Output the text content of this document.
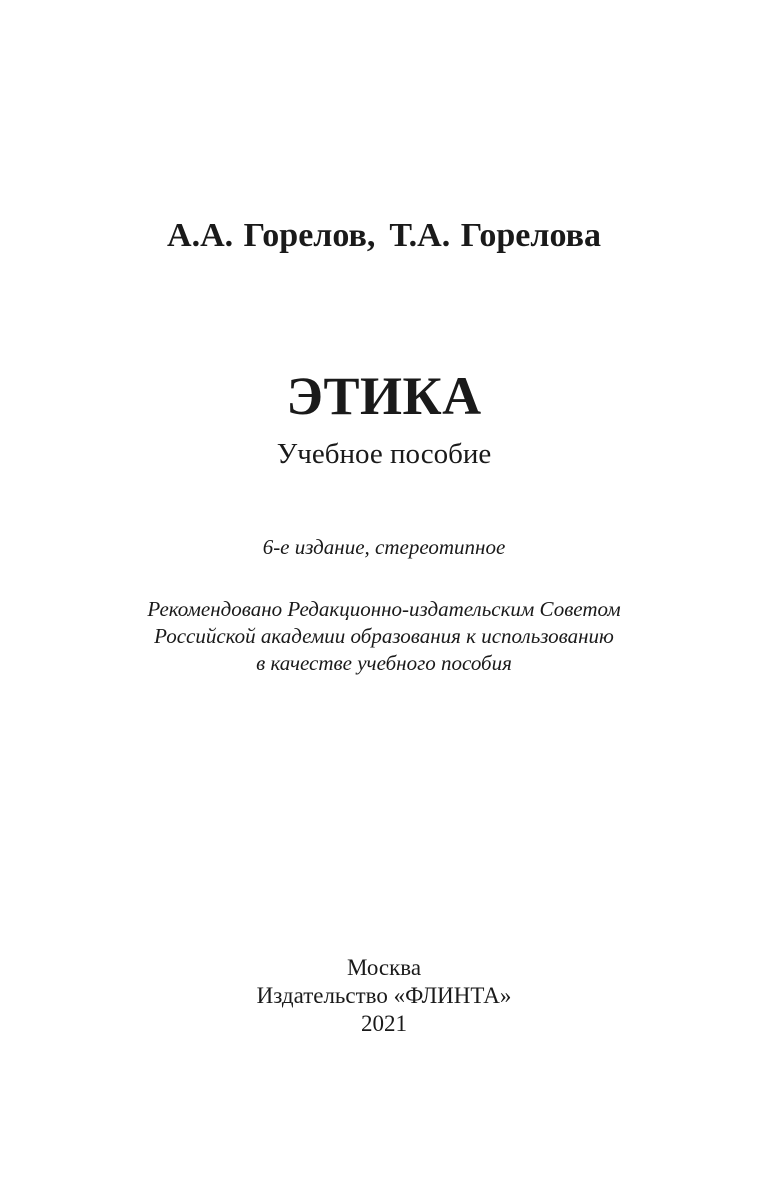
А.А. Горелов, Т.А. Горелова
ЭТИКА
Учебное пособие
6-е издание, стереотипное
Рекомендовано Редакционно-издательским Советом
Российской академии образования к использованию
в качестве учебного пособия
Москва
Издательство «ФЛИНТА»
2021
